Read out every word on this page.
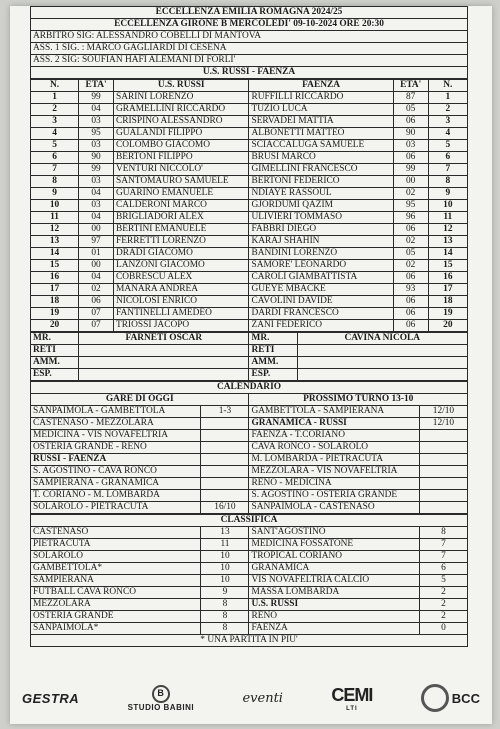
ECCELLENZA EMILIA ROMAGNA 2024/25
ECCELLENZA GIRONE B MERCOLEDI' 09-10-2024 ORE 20:30
ARBITRO SIG: ALESSANDRO COBELLI DI MANTOVA
ASS. 1 SIG. : MARCO GAGLIARDI DI CESENA
ASS. 2 SIG: SOUFIAN HAFI ALEMANI DI FORLI'
U.S. RUSSI - FAENZA
N.	ETA'	U.S. RUSSI	FAENZA	ETA'	N.
1	99	SARINI LORENZO	RUFFILLI RICCARDO	87	1
2	04	GRAMELLINI RICCARDO	TUZIO LUCA	05	2
3	03	CRISPINO ALESSANDRO	SERVADEI MATTIA	06	3
4	95	GUALANDI FILIPPO	ALBONETTI MATTEO	90	4
5	03	COLOMBO GIACOMO	SCIACCALUGA SAMUELE	03	5
6	90	BERTONI FILIPPO	BRUSI MARCO	06	6
7	99	VENTURI NICCOLO'	GIMELLINI FRANCESCO	99	7
8	03	SANTOMAURO SAMUELE	BERTONI FEDERICO	00	8
9	04	GUARINO EMANUELE	NDIAYE RASSOUL	02	9
10	03	CALDERONI MARCO	GJORDUMI QAZIM	95	10
11	04	BRIGLIADORI ALEX	ULIVIERI TOMMASO	96	11
12	00	BERTINI EMANUELE	FABBRI DIEGO	06	12
13	97	FERRETTI LORENZO	KARAJ SHAHIN	02	13
14	01	DRADI GIACOMO	BANDINI LORENZO	05	14
15	00	LANZONI GIACOMO	SAMORE' LEONARDO	02	15
16	04	COBRESCU ALEX	CAROLI GIAMBATTISTA	06	16
17	02	MANARA ANDREA	GUEYE MBACKE	93	17
18	06	NICOLOSI ENRICO	CAVOLINI DAVIDE	06	18
19	07	FANTINELLI AMEDEO	DARDI FRANCESCO	06	19
20	07	TRIOSSI JACOPO	ZANI FEDERICO	06	20
MR.	FARNETI OSCAR	MR.	CAVINA NICOLA
RETI		RETI	
AMM.		AMM.	
ESP.		ESP.	
CALENDARIO			
GARE DI OGGI		PROSSIMO TURNO 13-10	
SANPAIMOLA - GAMBETTOLA	1-3	GAMBETTOLA - SAMPIERANA	12/10
CASTENASO - MEZZOLARA		GRANAMICA - RUSSI	12/10
MEDICINA - VIS NOVAFELTRIA		FAENZA - T.CORIANO	
OSTERIA GRANDE - RENO		CAVA RONCO - SOLAROLO	
RUSSI - FAENZA		M. LOMBARDA - PIETRACUTA	
S. AGOSTINO - CAVA RONCO		MEZZOLARA - VIS NOVAFELTRIA	
SAMPIERANA - GRANAMICA		RENO - MEDICINA	
T. CORIANO - M. LOMBARDA		S. AGOSTINO - OSTERIA GRANDE	
SOLAROLO - PIETRACUTA	16/10	SANPAIMOLA - CASTENASO	
CLASSIFICA			
CASTENASO	13	SANT'AGOSTINO	8
PIETRACUTA	11	MEDICINA FOSSATONE	7
SOLAROLO	10	TROPICAL CORIANO	7
GAMBETTOLA*	10	GRANAMICA	6
SAMPIERANA	10	VIS NOVAFELTRIA CALCIO	5
FUTBALL CAVA RONCO	9	MASSA LOMBARDA	2
MEZZOLARA	8	U.S. RUSSI	2
OSTERIA GRANDE	8	RENO	2
SANPAIMOLA*	8	FAENZA	0
* UNA PARTITA IN PIU'			
GESTRA	B
STUDIO BABINI
eventi	CEMI
LTI
BCC
